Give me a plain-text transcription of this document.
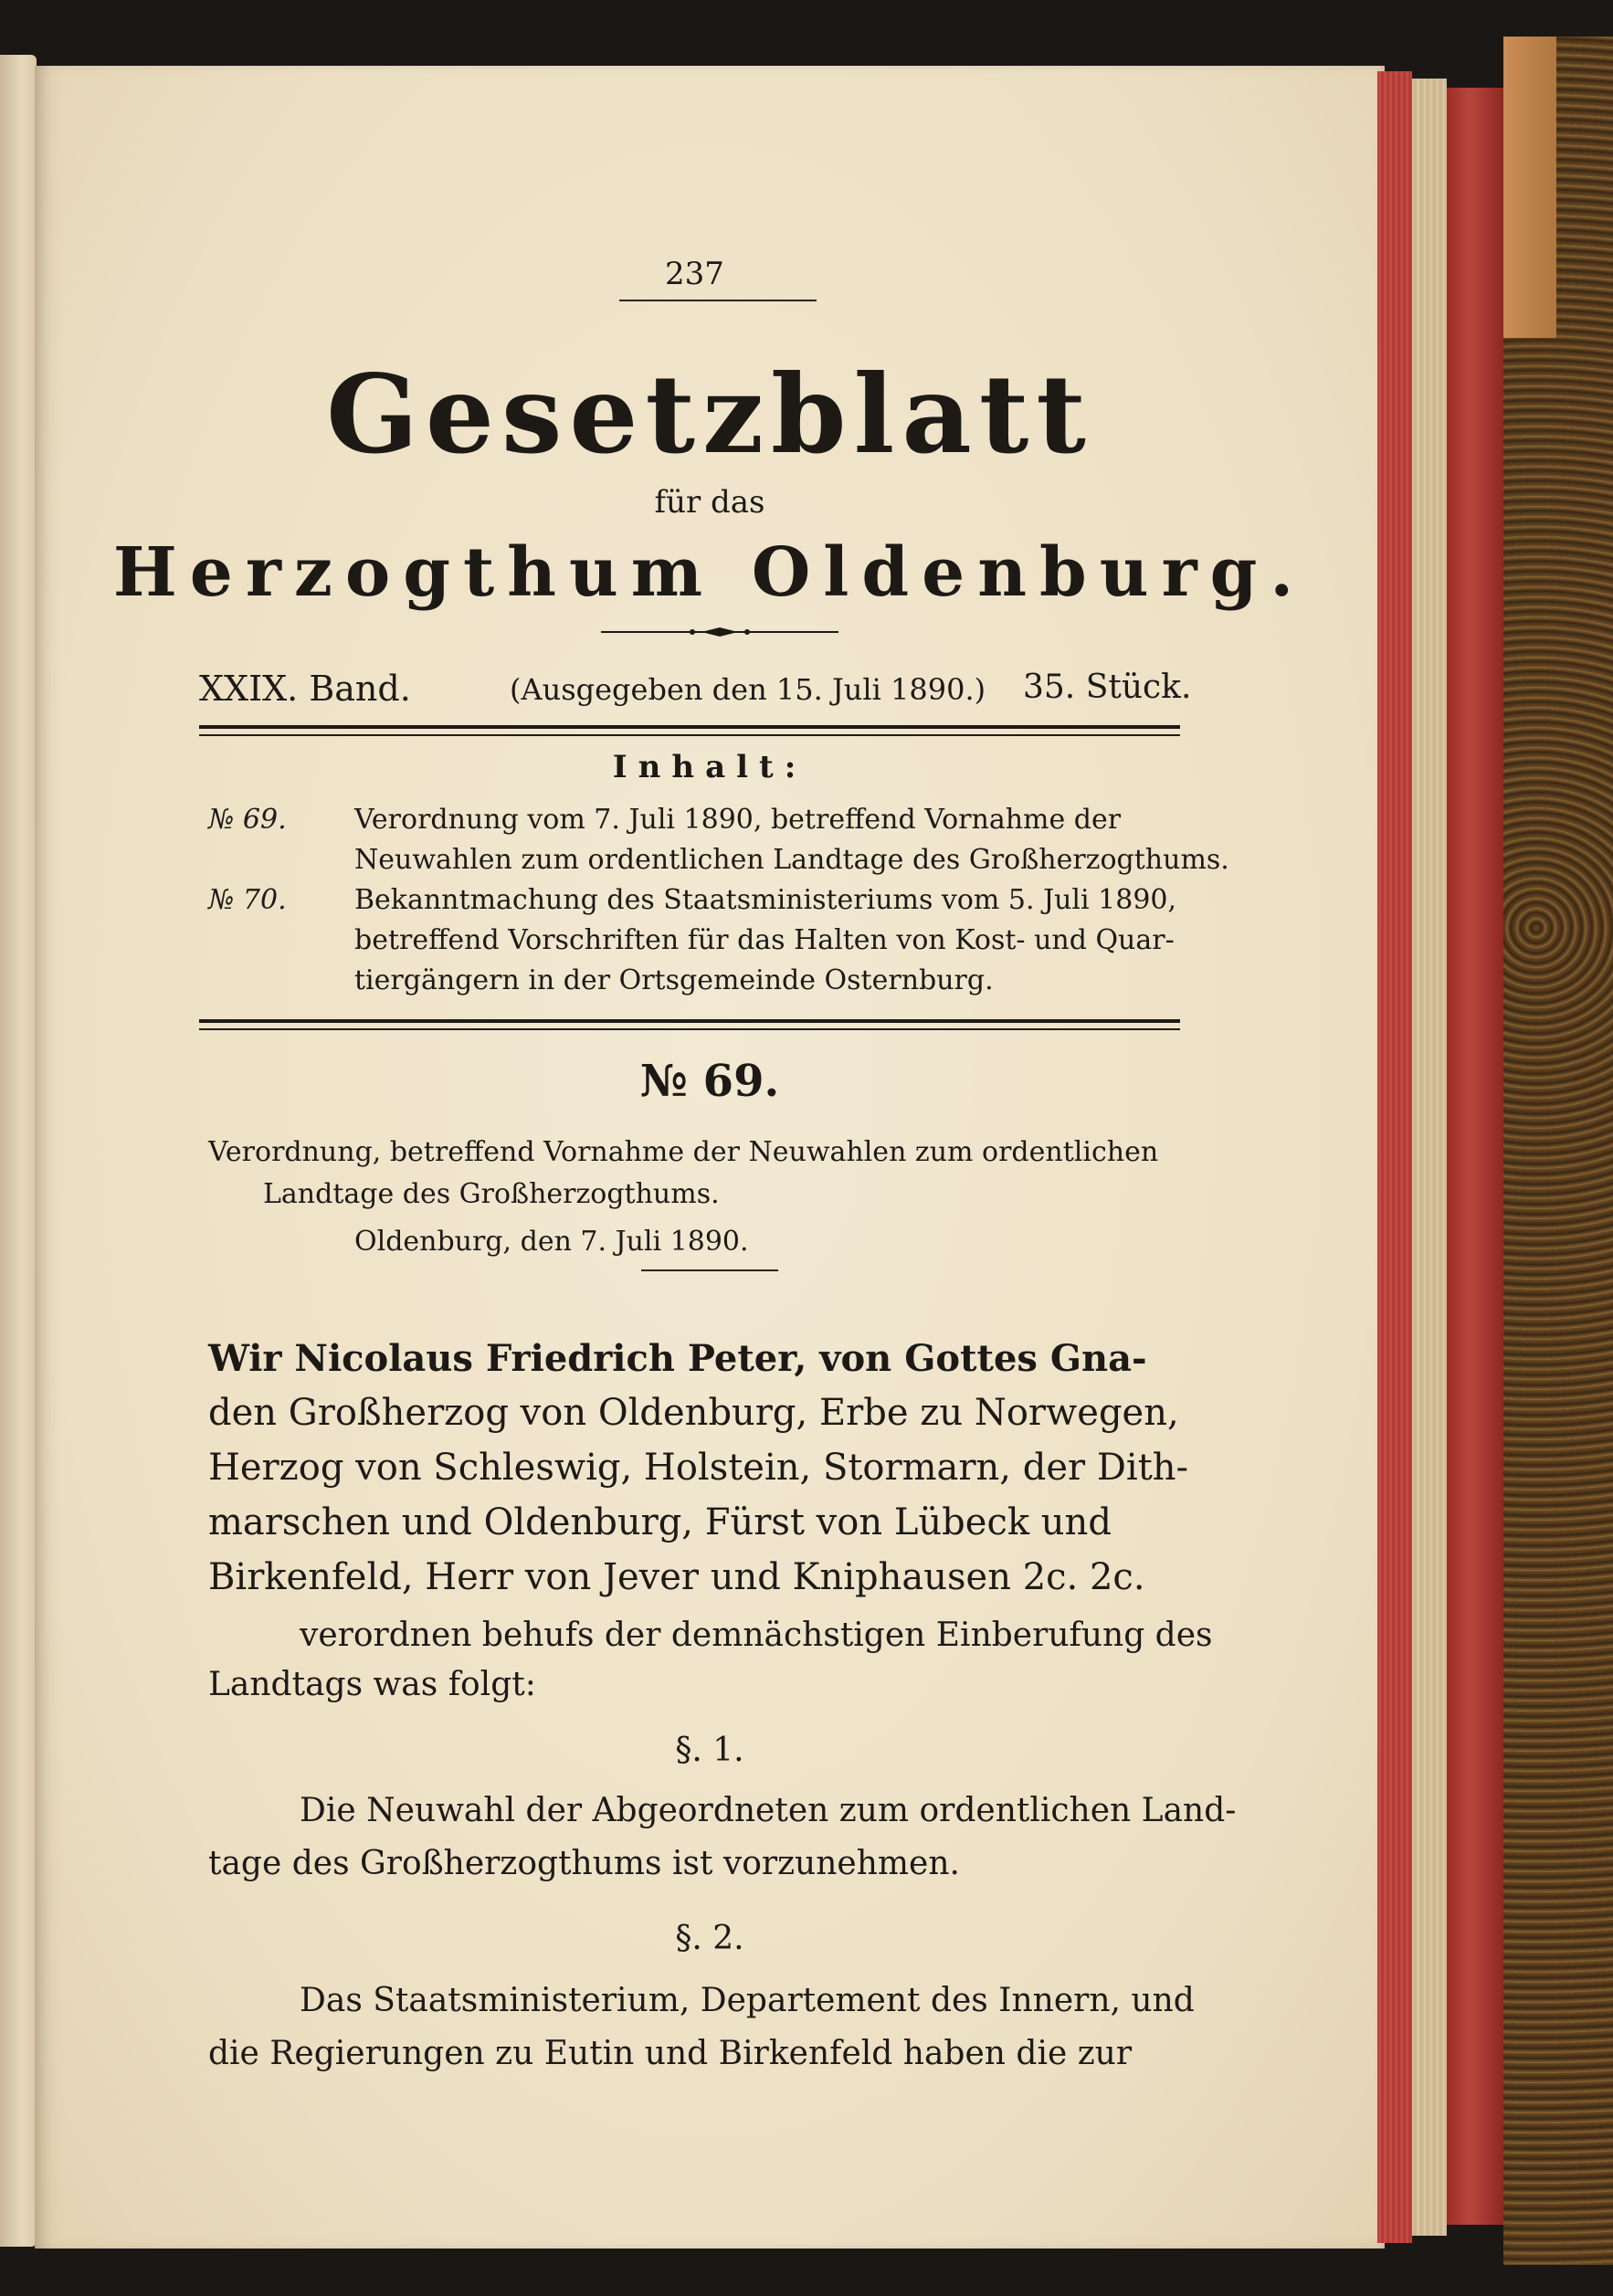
237
Gesetzblatt
für das
Herzogthum Oldenburg.
XXIX. Band.	(Ausgegeben den 15. Juli 1890.) 35. Stück.
Inhalt:
№ 69. Verordnung vom 7. Juli 1890, betreffend Vornahme der
Neuwahlen zum ordentlichen Landtage des Großherzogthums.
№ 70. Bekanntmachung des Staatsministeriums vom 5. Juli 1890,
betreffend Vorschriften für das Halten von Kost- und Quar-
tiergängern in der Ortsgemeinde Osternburg.
№ 69.
Verordnung, betreffend Vornahme der Neuwahlen zum ordentlichen
Landtage des Großherzogthums.
Oldenburg, den 7. Juli 1890.
Wir Nicolaus Friedrich Peter, von Gottes Gna-
den Großherzog von Oldenburg, Erbe zu Norwegen,
Herzog von Schleswig, Holstein, Stormarn, der Dith-
marschen und Oldenburg, Fürst von Lübeck und
Birkenfeld, Herr von Jever und Kniphausen 2c. 2c.
verordnen behufs der demnächstigen Einberufung des
Landtags was folgt:
§. 1.
Die Neuwahl der Abgeordneten zum ordentlichen Land-
tage des Großherzogthums ist vorzunehmen.
§. 2.
Das Staatsministerium, Departement des Innern, und
die Regierungen zu Eutin und Birkenfeld haben die zur
